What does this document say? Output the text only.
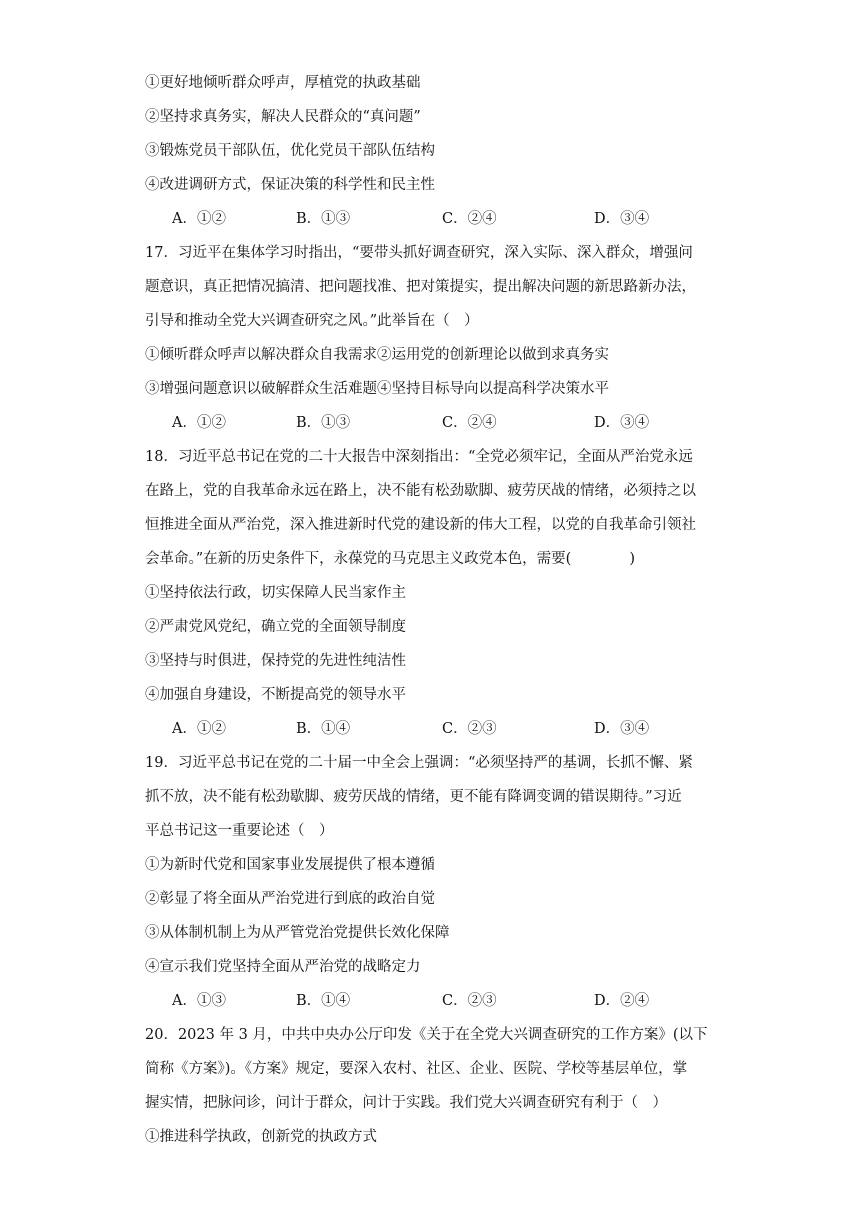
①更好地倾听群众呼声，厚植党的执政基础
②坚持求真务实，解决人民群众的“真问题”
③锻炼党员干部队伍，优化党员干部队伍结构
④改进调研方式，保证决策的科学性和民主性
A．①②	B．①③	C．②④	D．③④
17．习近平在集体学习时指出，“要带头抓好调查研究，深入实际、深入群众，增强问
题意识，真正把情况搞清、把问题找准、把对策提实，提出解决问题的新思路新办法，
引导和推动全党大兴调查研究之风。”此举旨在（　）
①倾听群众呼声以解决群众自我需求②运用党的创新理论以做到求真务实
③增强问题意识以破解群众生活难题④坚持目标导向以提高科学决策水平
A．①②	B．①③	C．②④	D．③④
18．习近平总书记在党的二十大报告中深刻指出：“全党必须牢记，全面从严治党永远
在路上，党的自我革命永远在路上，决不能有松劲歇脚、疲劳厌战的情绪，必须持之以
恒推进全面从严治党，深入推进新时代党的建设新的伟大工程，以党的自我革命引领社
会革命。”在新的历史条件下，永葆党的马克思主义政党本色，需要(　　　　)
①坚持依法行政，切实保障人民当家作主
②严肃党风党纪，确立党的全面领导制度
③坚持与时俱进，保持党的先进性纯洁性
④加强自身建设，不断提高党的领导水平
A．①②	B．①④	C．②③	D．③④
19．习近平总书记在党的二十届一中全会上强调：“必须坚持严的基调，长抓不懈、紧
抓不放，决不能有松劲歇脚、疲劳厌战的情绪，更不能有降调变调的错误期待。”习近
平总书记这一重要论述（　）
①为新时代党和国家事业发展提供了根本遵循
②彰显了将全面从严治党进行到底的政治自觉
③从体制机制上为从严管党治党提供长效化保障
④宣示我们党坚持全面从严治党的战略定力
A．①③	B．①④	C．②③	D．②④
20．2023 年 3 月，中共中央办公厅印发《关于在全党大兴调查研究的工作方案》(以下
简称《方案》)。《方案》规定，要深入农村、社区、企业、医院、学校等基层单位，掌
握实情，把脉问诊，问计于群众，问计于实践。我们党大兴调查研究有利于（　）
①推进科学执政，创新党的执政方式
